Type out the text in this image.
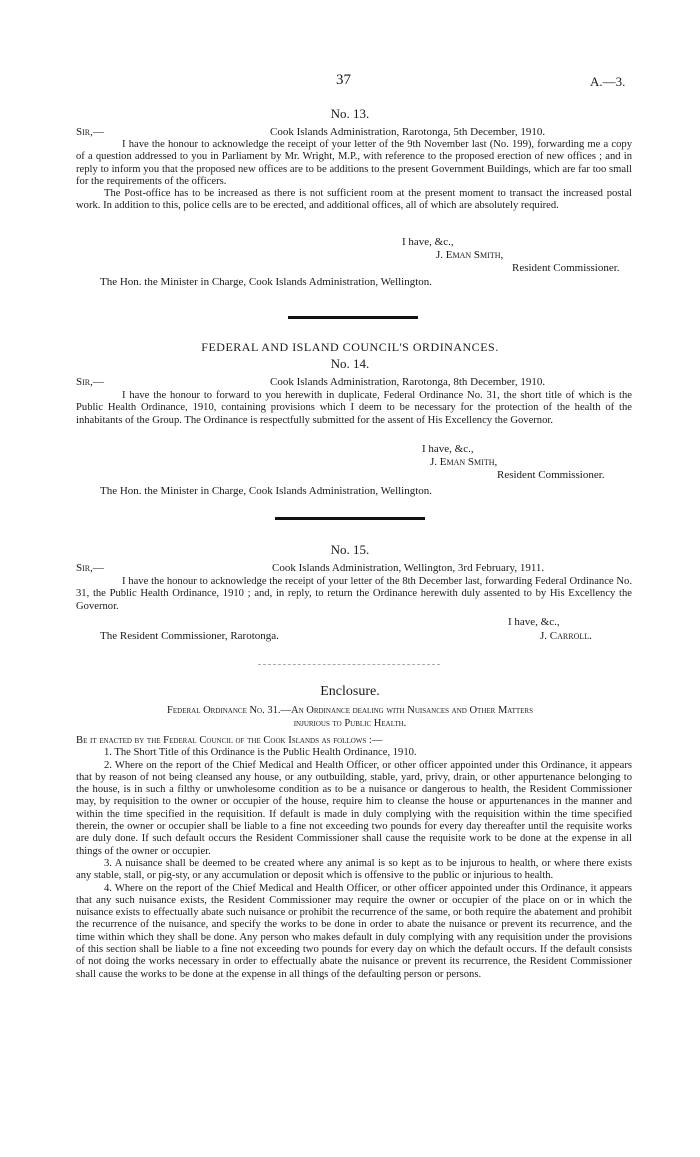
37	A.—3.
No. 13.
Sir,—	Cook Islands Administration, Rarotonga, 5th December, 1910.

I have the honour to acknowledge the receipt of your letter of the 9th November last (No. 199), forwarding me a copy of a question addressed to you in Parliament by Mr. Wright, M.P., with reference to the proposed erection of new offices ; and in reply to inform you that the proposed new offices are to be additions to the present Government Buildings, which are far too small for the requirements of the officers.

The Post-office has to be increased as there is not sufficient room at the present moment to transact the increased postal work. In addition to this, police cells are to be erected, and additional offices, all of which are absolutely required.

I have, &c.,
J. Eman Smith,
Resident Commissioner.
The Hon. the Minister in Charge, Cook Islands Administration, Wellington.
FEDERAL AND ISLAND COUNCIL'S ORDINANCES.
No. 14.
Sir,—	Cook Islands Administration, Rarotonga, 8th December, 1910.

I have the honour to forward to you herewith in duplicate, Federal Ordinance No. 31, the short title of which is the Public Health Ordinance, 1910, containing provisions which I deem to be necessary for the protection of the health of the inhabitants of the Group. The Ordinance is respectfully submitted for the assent of His Excellency the Governor.

I have, &c.,
J. Eman Smith,
Resident Commissioner.
The Hon. the Minister in Charge, Cook Islands Administration, Wellington.
No. 15.
Sir,—	Cook Islands Administration, Wellington, 3rd February, 1911.

I have the honour to acknowledge the receipt of your letter of the 8th December last, forwarding Federal Ordinance No. 31, the Public Health Ordinance, 1910 ; and, in reply, to return the Ordinance herewith duly assented to by His Excellency the Governor.

I have, &c.,
The Resident Commissioner, Rarotonga.	J. Carroll.
Enclosure.
Federal Ordinance No. 31.—An Ordinance dealing with Nuisances and Other Matters
injurious to Public Health.

Be it enacted by the Federal Council of the Cook Islands as follows :—

1. The Short Title of this Ordinance is the Public Health Ordinance, 1910.

2. Where on the report of the Chief Medical and Health Officer, or other officer appointed under this Ordinance, it appears that by reason of not being cleansed any house, or any outbuilding, stable, yard, privy, drain, or other appurtenance belonging to the house, is in such a filthy or unwholesome condition as to be a nuisance or dangerous to health, the Resident Commissioner may, by requisition to the owner or occupier of the house, require him to cleanse the house or appurtenances in the manner and within the time specified in the requisition. If default is made in duly complying with the requisition within the time specified therein, the owner or occupier shall be liable to a fine not exceeding two pounds for every day thereafter until the requisite works are duly done. If such default occurs the Resident Commissioner shall cause the requisite work to be done at the expense in all things of the owner or occupier.

3. A nuisance shall be deemed to be created where any animal is so kept as to be injurous to health, or where there exists any stable, stall, or pig-sty, or any accumulation or deposit which is offensive to the public or injurious to health.

4. Where on the report of the Chief Medical and Health Officer, or other officer appointed under this Ordinance, it appears that any such nuisance exists, the Resident Commissioner may require the owner or occupier of the place on or in which the nuisance exists to effectually abate such nuisance or prohibit the recurrence of the same, or both require the abatement and prohibit the recurrence of the nuisance, and specify the works to be done in order to abate the nuisance or prevent its recurrence, and the time within which they shall be done. Any person who makes default in duly complying with any requisition under the provisions of this section shall be liable to a fine not exceeding two pounds for every day on which the default occurs. If the default consists of not doing the works necessary in order to effectually abate the nuisance or prevent its recurrence, the Resident Commissioner shall cause the works to be done at the expense in all things of the defaulting person or persons.
